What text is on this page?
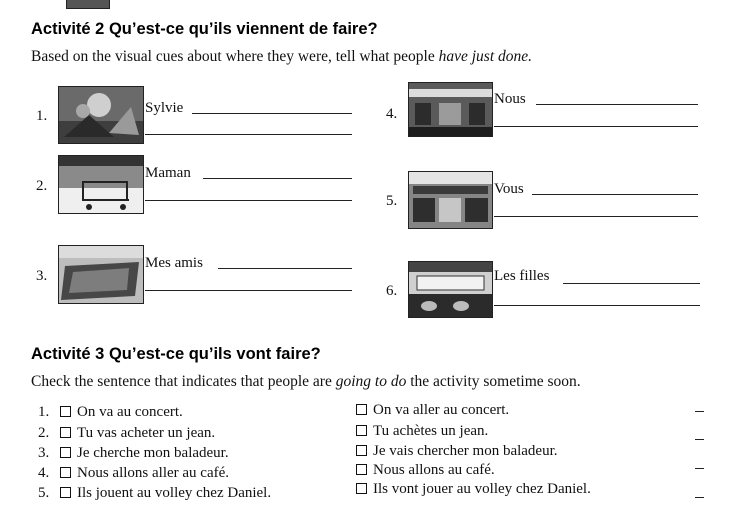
Activité 2 Qu’est-ce qu’ils viennent de faire?
Based on the visual cues about where they were, tell what people have just done.
1.	Sylvie
2.
Maman
3.
Mes amis
4.
Nous
5.
Vous
6.
Les filles
Activité 3 Qu’est-ce qu’ils vont faire?
Check the sentence that indicates that people are going to do the activity sometime soon.
1. On va au concert.	On va aller au concert.
2. Tu vas acheter un jean.	Tu achètes un jean.
3. Je cherche mon baladeur.	Je vais chercher mon baladeur.
4. Nous allons aller au café.	Nous allons au café.
5. Ils jouent au volley chez Daniel.	Ils vont jouer au volley chez Daniel.
